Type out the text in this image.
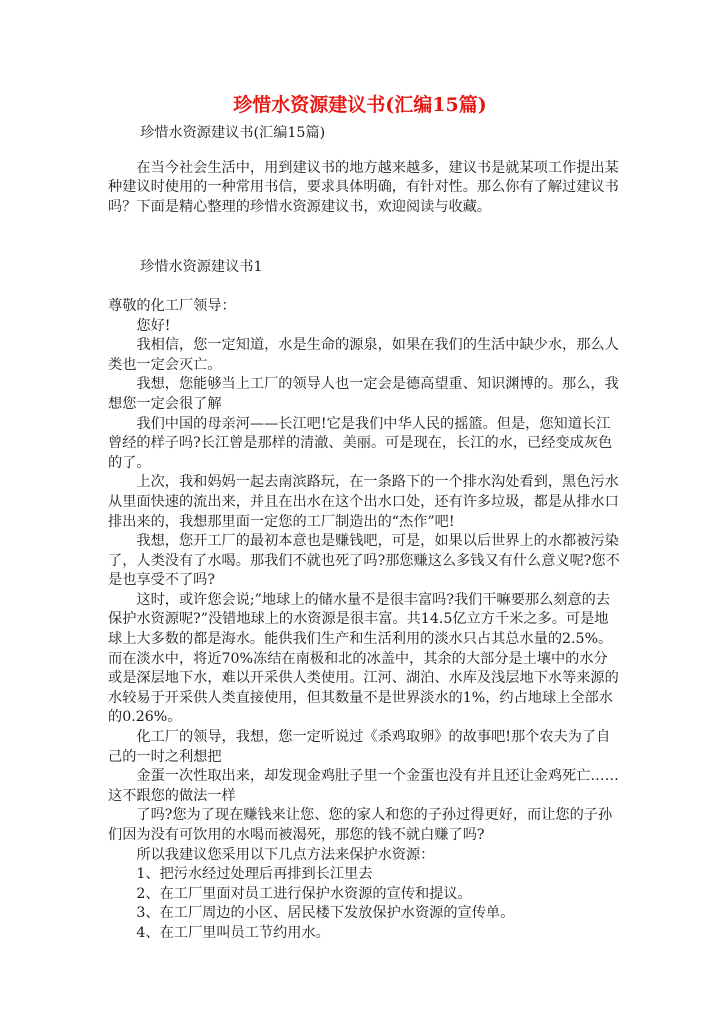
珍惜水资源建议书(汇编15篇)

珍惜水资源建议书(汇编15篇)

在当今社会生活中，用到建议书的地方越来越多，建议书是就某项工作提出某种建议时使用的一种常用书信，要求具体明确，有针对性。那么你有了解过建议书吗？下面是精心整理的珍惜水资源建议书，欢迎阅读与收藏。

珍惜水资源建议书1

尊敬的化工厂领导：

您好!

我相信，您一定知道，水是生命的源泉，如果在我们的生活中缺少水，那么人类也一定会灭亡。

我想，您能够当上工厂的领导人也一定会是德高望重、知识渊博的。那么，我想您一定会很了解

我们中国的母亲河——长江吧!它是我们中华人民的摇篮。但是，您知道长江曾经的样子吗?长江曾是那样的清澈、美丽。可是现在，长江的水，已经变成灰色的了。

上次，我和妈妈一起去南滨路玩，在一条路下的一个排水沟处看到，黑色污水从里面快速的流出来，并且在出水在这个出水口处，还有许多垃圾，都是从排水口排出来的，我想那里面一定您的工厂制造出的“杰作”吧!

我想，您开工厂的最初本意也是赚钱吧，可是，如果以后世界上的水都被污染了，人类没有了水喝。那我们不就也死了吗?那您赚这么多钱又有什么意义呢?您不是也享受不了吗?

这时，或许您会说;”地球上的储水量不是很丰富吗?我们干嘛要那么刻意的去保护水资源呢?”没错地球上的水资源是很丰富。共14.5亿立方千米之多。可是地球上大多数的都是海水。能供我们生产和生活利用的淡水只占其总水量的2.5%。而在淡水中，将近70%冻结在南极和北的冰盖中，其余的大部分是土壤中的水分或是深层地下水，难以开采供人类使用。江河、湖泊、水库及浅层地下水等来源的水较易于开采供人类直接使用，但其数量不是世界淡水的1%，约占地球上全部水的0.26%。

化工厂的领导，我想，您一定听说过《杀鸡取卵》的故事吧!那个农夫为了自己的一时之利想把

金蛋一次性取出来，却发现金鸡肚子里一个金蛋也没有并且还让金鸡死亡……这不跟您的做法一样

了吗?您为了现在赚钱来让您、您的家人和您的子孙过得更好，而让您的子孙们因为没有可饮用的水喝而被渴死，那您的钱不就白赚了吗?

所以我建议您采用以下几点方法来保护水资源：

1、把污水经过处理后再排到长江里去

2、在工厂里面对员工进行保护水资源的宣传和提议。

3、在工厂周边的小区、居民楼下发放保护水资源的宣传单。

4、在工厂里叫员工节约用水。
